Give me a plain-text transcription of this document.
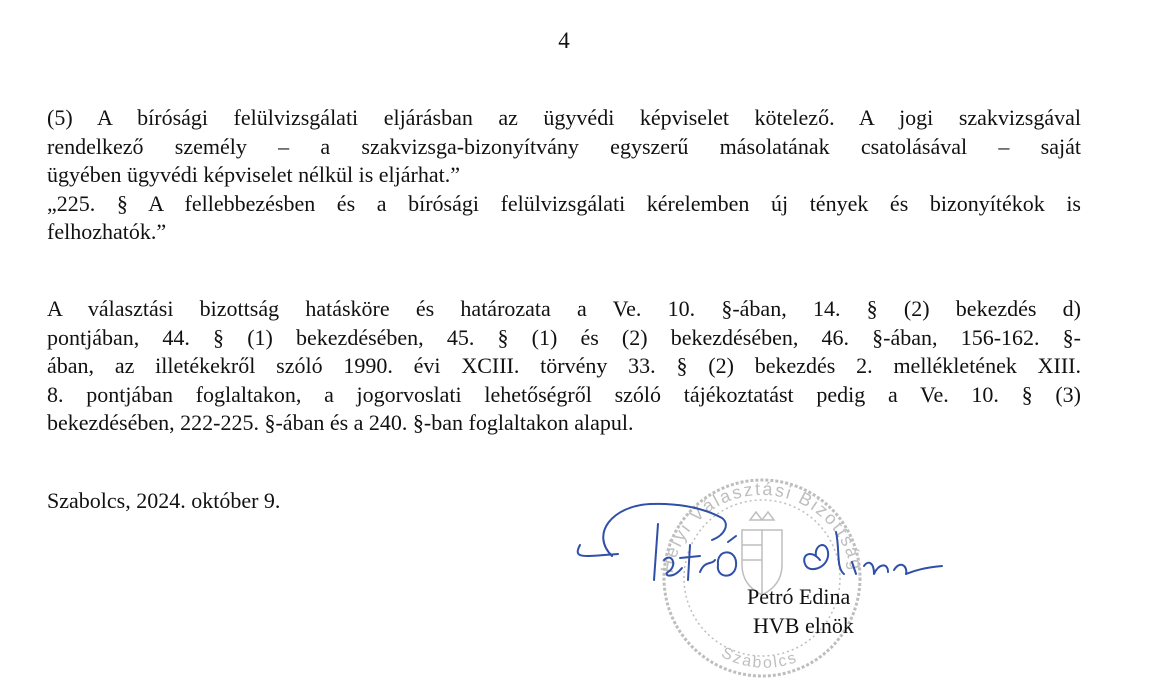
4
(5) A bírósági felülvizsgálati eljárásban az ügyvédi képviselet kötelező. A jogi szakvizsgával
rendelkező személy – a szakvizsga-bizonyítvány egyszerű másolatának csatolásával – saját
ügyében ügyvédi képviselet nélkül is eljárhat.”
„225. § A fellebbezésben és a bírósági felülvizsgálati kérelemben új tények és bizonyítékok is
felhozhatók.”
A választási bizottság hatásköre és határozata a Ve. 10. §-ában, 14. § (2) bekezdés d)
pontjában, 44. § (1) bekezdésében, 45. § (1) és (2) bekezdésében, 46. §-ában, 156-162. §-
ában, az illetékekről szóló 1990. évi XCIII. törvény 33. § (2) bekezdés 2. mellékletének XIII.
8. pontjában foglaltakon, a jogorvoslati lehetőségről szóló tájékoztatást pedig a Ve. 10. § (3)
bekezdésében, 222-225. §-ában és a 240. §-ban foglaltakon alapul.
Szabolcs, 2024. október 9.
Helyi Választási Bizottság
Szabolcs
Petró Edina
HVB elnök
